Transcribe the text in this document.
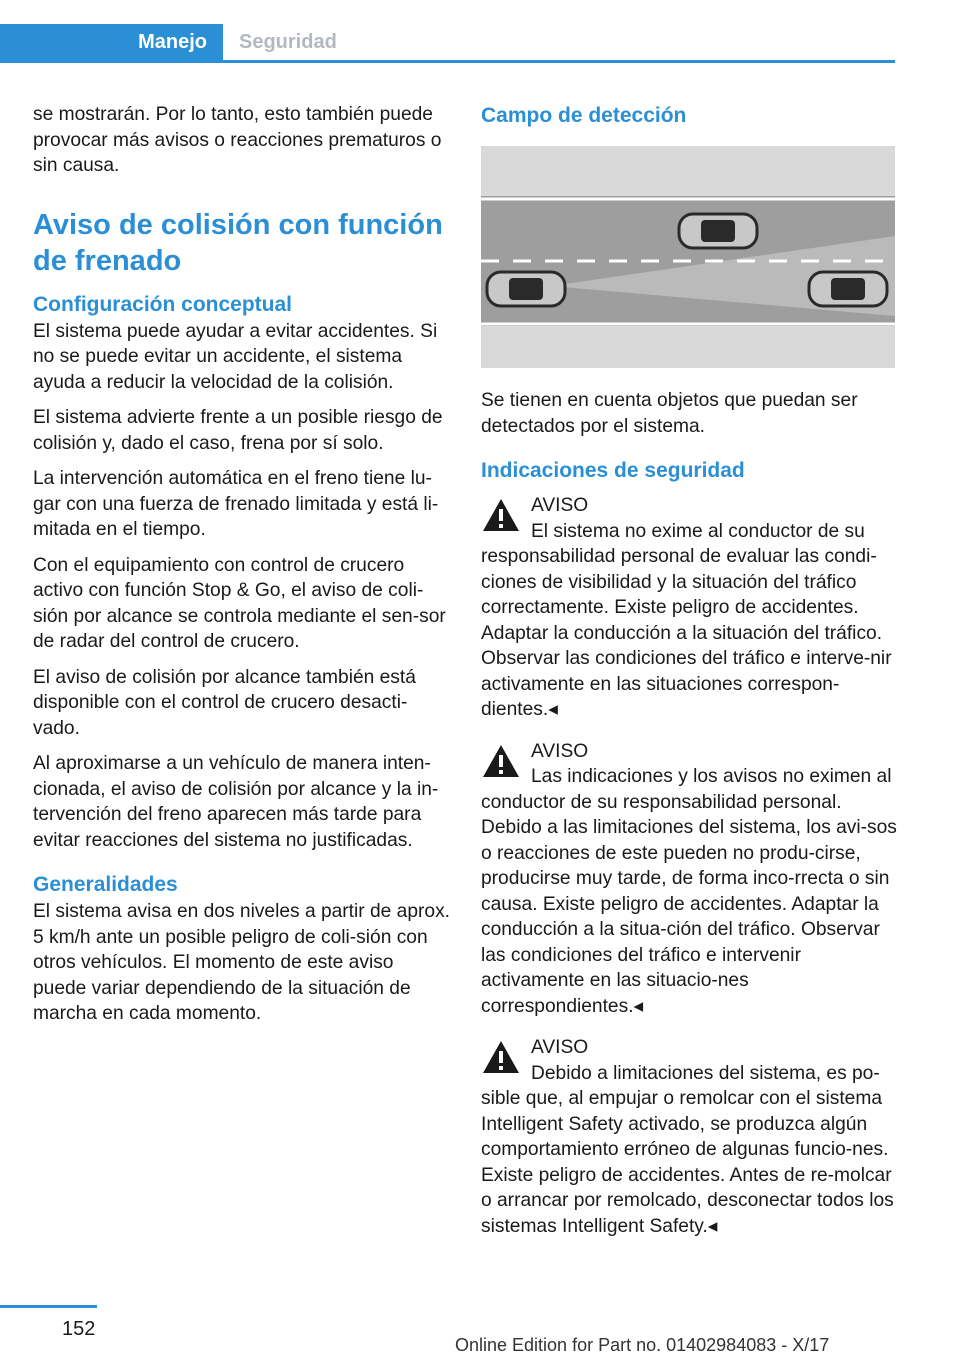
Manejo	Seguridad

se mostrarán. Por lo tanto, esto también puede provocar más avisos o reacciones prematuros o sin causa.

Aviso de colisión con función de frenado
Configuración conceptual

El sistema puede ayudar a evitar accidentes. Si no se puede evitar un accidente, el sistema ayuda a reducir la velocidad de la colisión.

El sistema advierte frente a un posible riesgo de colisión y, dado el caso, frena por sí solo.

La intervención automática en el freno tiene lu‐gar con una fuerza de frenado limitada y está li‐mitada en el tiempo.

Con el equipamiento con control de crucero activo con función Stop & Go, el aviso de coli‐sión por alcance se controla mediante el sen‐sor de radar del control de crucero.

El aviso de colisión por alcance también está disponible con el control de crucero desacti‐vado.

Al aproximarse a un vehículo de manera inten‐cionada, el aviso de colisión por alcance y la in‐tervención del freno aparecen más tarde para evitar reacciones del sistema no justificadas.

Generalidades

El sistema avisa en dos niveles a partir de aprox. 5 km/h ante un posible peligro de coli‐sión con otros vehículos. El momento de este aviso puede variar dependiendo de la situación de marcha en cada momento.

Campo de detección

Se tienen en cuenta objetos que puedan ser detectados por el sistema.

Indicaciones de seguridad

AVISO

El sistema no exime al conductor de su responsabilidad personal de evaluar las condi‐ciones de visibilidad y la situación del tráfico correctamente. Existe peligro de accidentes. Adaptar la conducción a la situación del tráfico. Observar las condiciones del tráfico e interve‐nir activamente en las situaciones correspon‐dientes.◂

AVISO

Las indicaciones y los avisos no eximen al conductor de su responsabilidad personal. Debido a las limitaciones del sistema, los avi‐sos o reacciones de este pueden no produ‐cirse, producirse muy tarde, de forma inco‐rrecta o sin causa. Existe peligro de accidentes. Adaptar la conducción a la situa‐ción del tráfico. Observar las condiciones del tráfico e intervenir activamente en las situacio‐nes correspondientes.◂

AVISO

Debido a limitaciones del sistema, es po‐sible que, al empujar o remolcar con el sistema Intelligent Safety activado, se produzca algún comportamiento erróneo de algunas funcio‐nes. Existe peligro de accidentes. Antes de re‐molcar o arrancar por remolcado, desconectar todos los sistemas Intelligent Safety.◂

152
Online Edition for Part no. 01402984083 - X/17
